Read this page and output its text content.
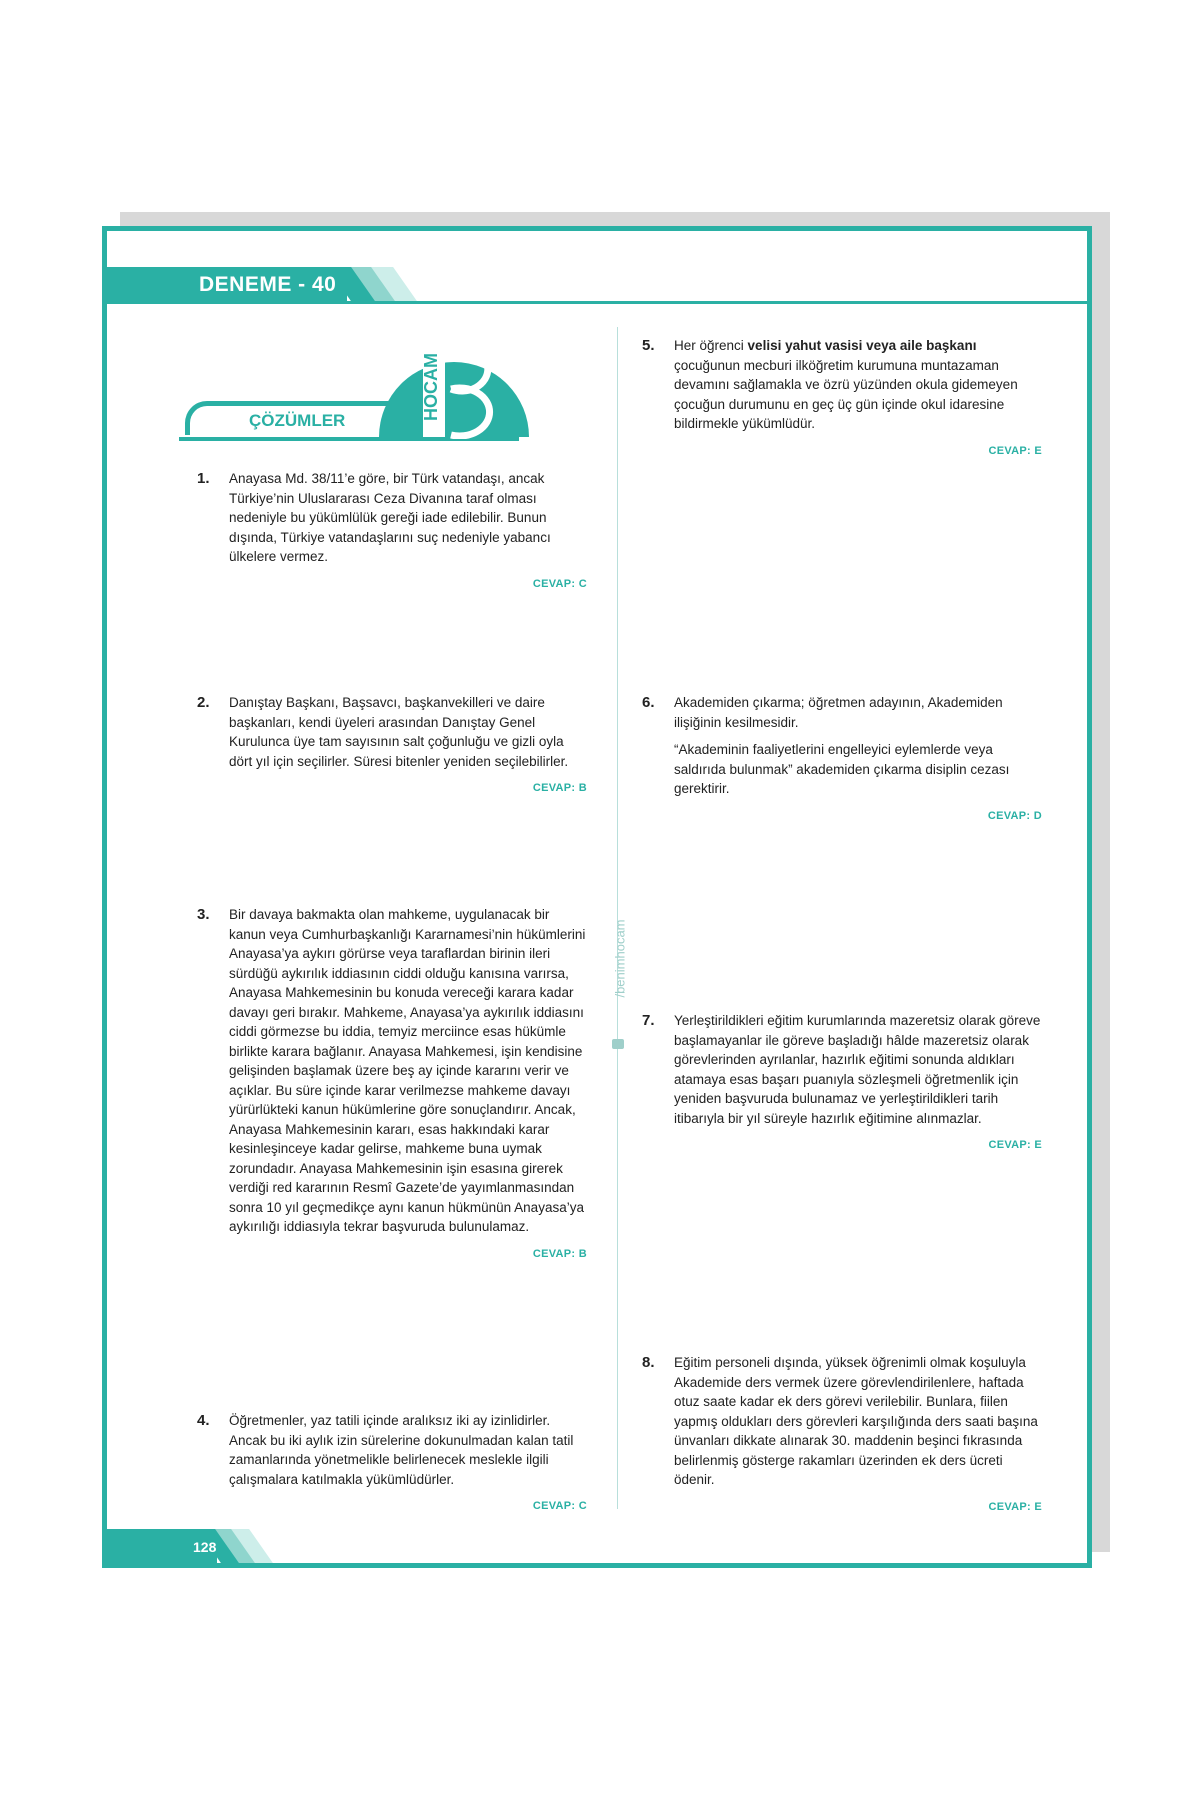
DENEME - 40
ÇÖZÜMLER	HOCAM
/benimhocam
1. Anayasa Md. 38/11’e göre, bir Türk vatandaşı, ancak Türkiye’nin Uluslararası Ceza Divanına taraf olması nedeniyle bu yükümlülük gereği iade edilebilir. Bunun dışında, Türkiye vatandaşlarını suç nedeniyle yabancı ülkelere vermez.

CEVAP: C
2. Danıştay Başkanı, Başsavcı, başkanvekilleri ve daire başkanları, kendi üyeleri arasından Danıştay Genel Kurulunca üye tam sayısının salt çoğunluğu ve gizli oyla dört yıl için seçilirler. Süresi bitenler yeniden seçilebilirler.

CEVAP: B
3. Bir davaya bakmakta olan mahkeme, uygulanacak bir kanun veya Cumhurbaşkanlığı Kararnamesi’nin hükümlerini Anayasa’ya aykırı görürse veya taraflardan birinin ileri sürdüğü aykırılık iddiasının ciddi olduğu kanısına varırsa, Anayasa Mahkemesinin bu konuda vereceği karara kadar davayı geri bırakır. Mahkeme, Anayasa’ya aykırılık iddiasını ciddi görmezse bu iddia, temyiz merciince esas hükümle birlikte karara bağlanır. Anayasa Mahkemesi, işin kendisine gelişinden başlamak üzere beş ay içinde kararını verir ve açıklar. Bu süre içinde karar verilmezse mahkeme davayı yürürlükteki kanun hükümlerine göre sonuçlandırır. Ancak, Anayasa Mahkemesinin kararı, esas hakkındaki karar kesinleşinceye kadar gelirse, mahkeme buna uymak zorundadır. Anayasa Mahkemesinin işin esasına girerek verdiği red kararının Resmî Gazete’de yayımlanmasından sonra 10 yıl geçmedikçe aynı kanun hükmünün Anayasa’ya aykırılığı iddiasıyla tekrar başvuruda bulunulamaz.

CEVAP: B
4. Öğretmenler, yaz tatili içinde aralıksız iki ay izinlidirler. Ancak bu iki aylık izin sürelerine dokunulmadan kalan tatil zamanlarında yönetmelikle belirlenecek meslekle ilgili çalışmalara katılmakla yükümlüdürler.

CEVAP: C
5. Her öğrenci velisi yahut vasisi veya aile başkanı çocuğunun mecburi ilköğretim kurumuna muntazaman devamını sağlamakla ve özrü yüzünden okula gidemeyen çocuğun durumunu en geç üç gün içinde okul idaresine bildirmekle yükümlüdür.

CEVAP: E
6. Akademiden çıkarma; öğretmen adayının, Akademiden ilişiğinin kesilmesidir.

“Akademinin faaliyetlerini engelleyici eylemlerde veya saldırıda bulunmak” akademiden çıkarma disiplin cezası gerektirir.

CEVAP: D
7. Yerleştirildikleri eğitim kurumlarında mazeretsiz olarak göreve başlamayanlar ile göreve başladığı hâlde mazeretsiz olarak görevlerinden ayrılanlar, hazırlık eğitimi sonunda aldıkları atamaya esas başarı puanıyla sözleşmeli öğretmenlik için yeniden başvuruda bulunamaz ve yerleştirildikleri tarih itibarıyla bir yıl süreyle hazırlık eğitimine alınmazlar.

CEVAP: E
8. Eğitim personeli dışında, yüksek öğrenimli olmak koşuluyla Akademide ders vermek üzere görevlendirilenlere, haftada otuz saate kadar ek ders görevi verilebilir. Bunlara, fiilen yapmış oldukları ders görevleri karşılığında ders saati başına ünvanları dikkate alınarak 30. maddenin beşinci fıkrasında belirlenmiş gösterge rakamları üzerinden ek ders ücreti ödenir.

CEVAP: E
128
